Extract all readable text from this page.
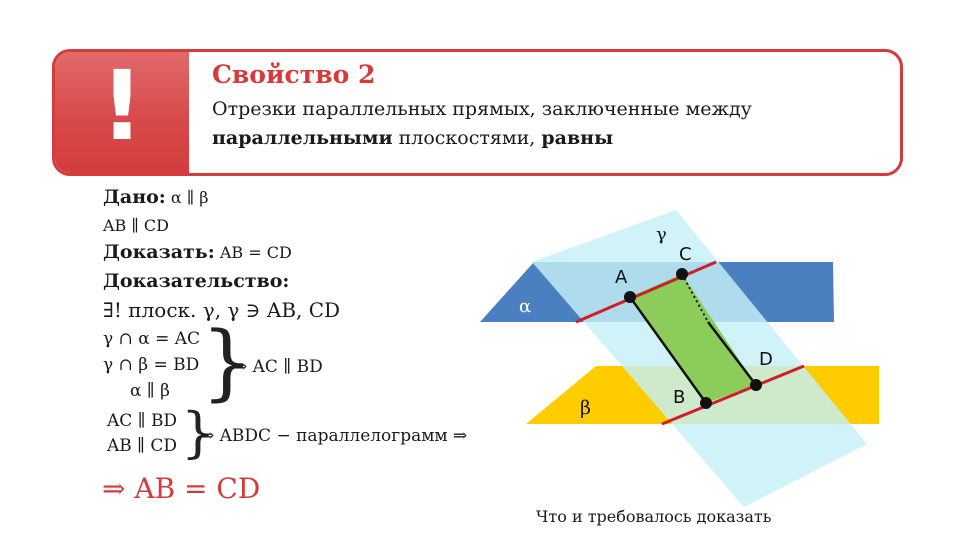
!	Свойство 2
Отрезки параллельных прямых, заключенные между
параллельными плоскостями, равны
Дано: α ∥ β
AB ∥ CD
Доказать: AB = CD
Доказательство:
∃! плоск. γ, γ ∋ AB, CD
γ ∩ α = AC
γ ∩ β = BD
α ∥ β }
⇒ AC ∥ BD
AC ∥ BD
AB ∥ CD }
⇒ ABDC − параллелограмм ⇒
⇒ AB = CD
γ
α
β
A
C
B
D
Что и требовалось доказать
